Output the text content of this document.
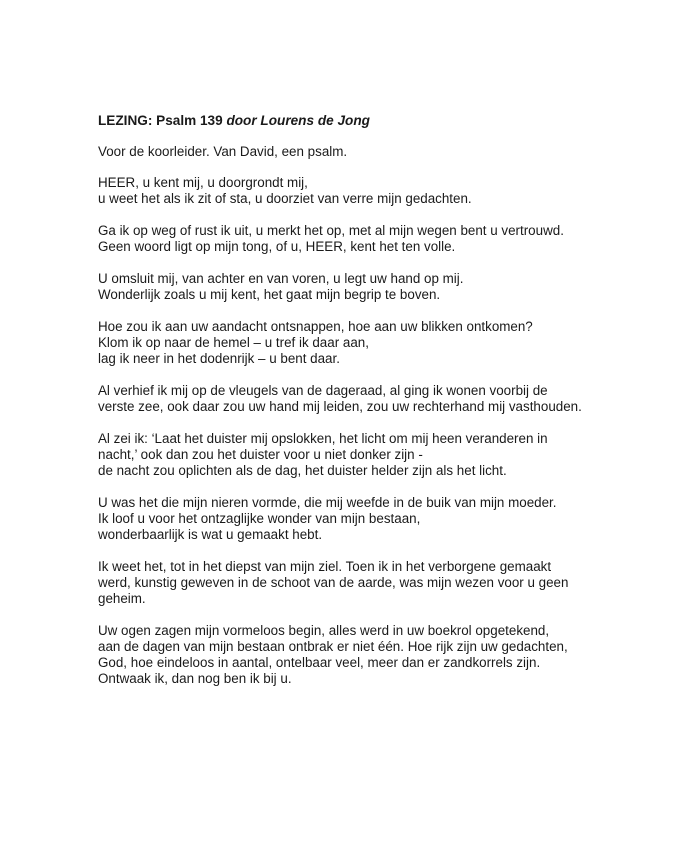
LEZING: Psalm 139 door Lourens de Jong
Voor de koorleider. Van David, een psalm.
HEER, u kent mij, u doorgrondt mij,
u weet het als ik zit of sta, u doorziet van verre mijn gedachten.
Ga ik op weg of rust ik uit, u merkt het op, met al mijn wegen bent u vertrouwd.
Geen woord ligt op mijn tong, of u, HEER, kent het ten volle.
U omsluit mij, van achter en van voren, u legt uw hand op mij.
Wonderlijk zoals u mij kent, het gaat mijn begrip te boven.
Hoe zou ik aan uw aandacht ontsnappen, hoe aan uw blikken ontkomen?
Klom ik op naar de hemel – u tref ik daar aan,
lag ik neer in het dodenrijk – u bent daar.
Al verhief ik mij op de vleugels van de dageraad, al ging ik wonen voorbij de
verste zee, ook daar zou uw hand mij leiden, zou uw rechterhand mij vasthouden.
Al zei ik: ‘Laat het duister mij opslokken, het licht om mij heen veranderen in
nacht,’ ook dan zou het duister voor u niet donker zijn -
de nacht zou oplichten als de dag, het duister helder zijn als het licht.
U was het die mijn nieren vormde, die mij weefde in de buik van mijn moeder.
Ik loof u voor het ontzaglijke wonder van mijn bestaan,
wonderbaarlijk is wat u gemaakt hebt.
Ik weet het, tot in het diepst van mijn ziel. Toen ik in het verborgene gemaakt
werd, kunstig geweven in de schoot van de aarde, was mijn wezen voor u geen
geheim.
Uw ogen zagen mijn vormeloos begin, alles werd in uw boekrol opgetekend,
aan de dagen van mijn bestaan ontbrak er niet één. Hoe rijk zijn uw gedachten,
God, hoe eindeloos in aantal, ontelbaar veel, meer dan er zandkorrels zijn.
Ontwaak ik, dan nog ben ik bij u.
